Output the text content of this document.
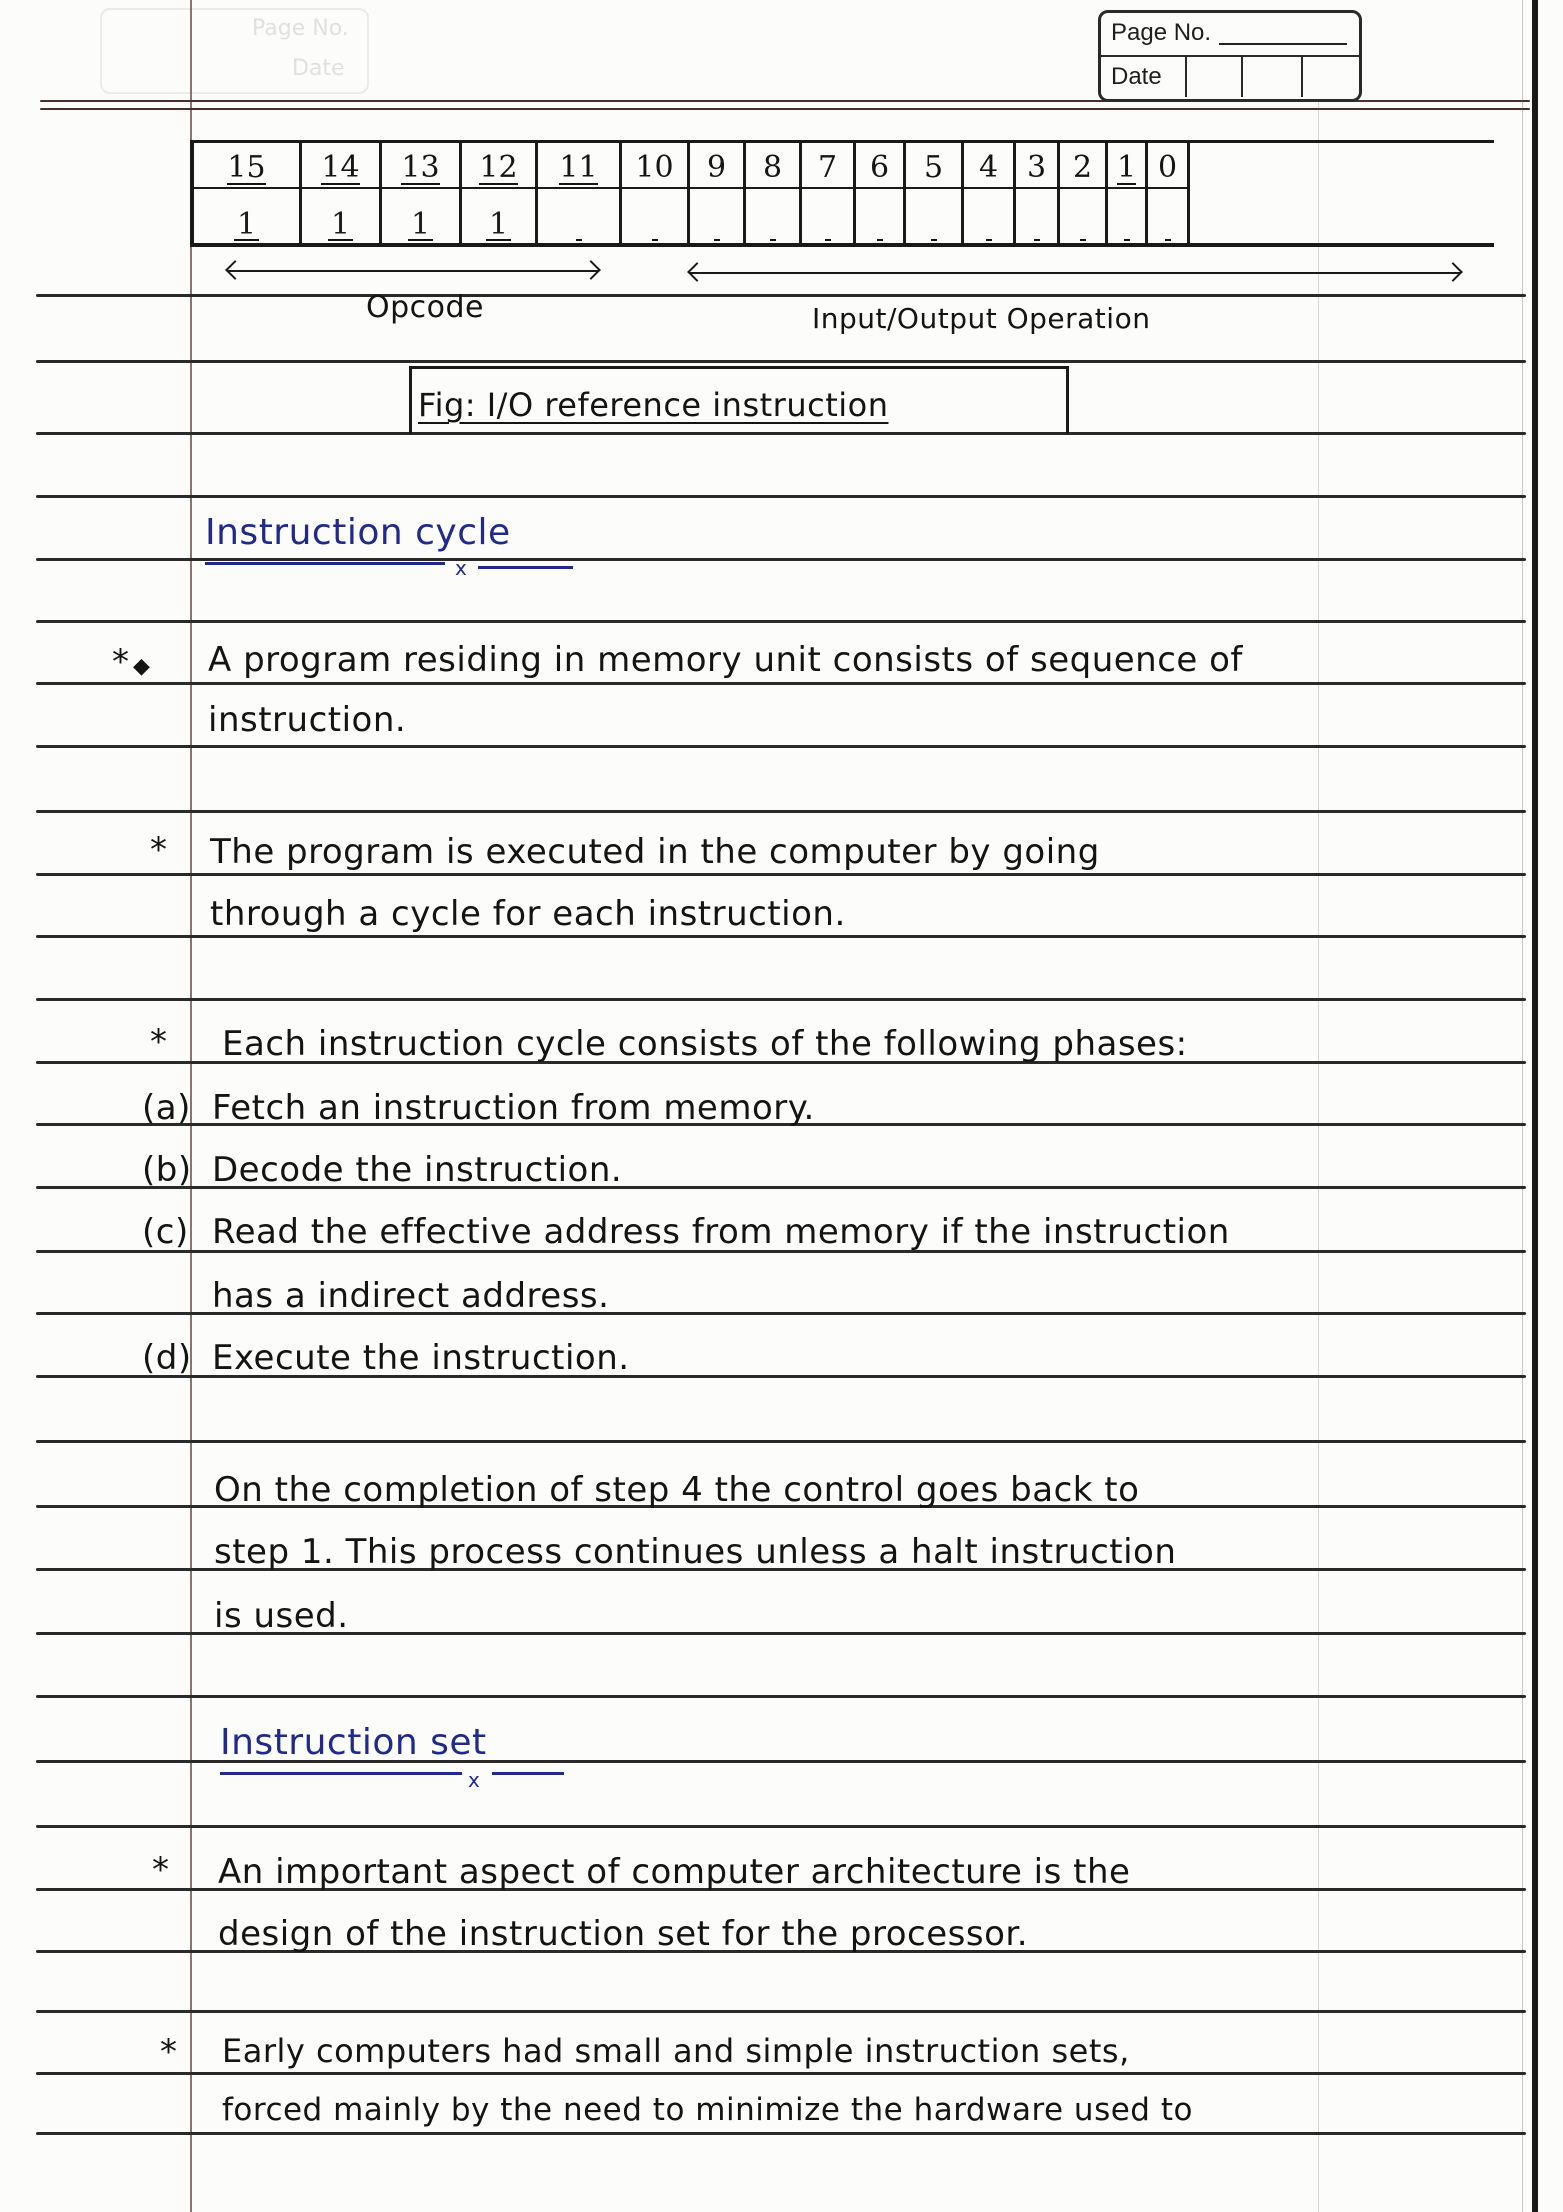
Page No.
Date
Page No.
Date
15
1
14
1
13
1
12
1
11 10 9 8 7 6 5 4 3 2 1 0
Opcode	Input/Output Operation
Fig: I/O reference instruction
Instruction cycle
x
* ◆ A program residing in memory unit consists of sequence of
instruction.
* The program is executed in the computer by going
through a cycle for each instruction.
* Each instruction cycle consists of the following phases:
(a) Fetch an instruction from memory.
(b) Decode the instruction.
(c) Read the effective address from memory if the instruction
has a indirect address.
(d) Execute the instruction.
On the completion of step 4 the control goes back to
step 1. This process continues unless a halt instruction
is used.
Instruction set
x
* An important aspect of computer architecture is the
design of the instruction set for the processor.
* Early computers had small and simple instruction sets,
forced mainly by the need to minimize the hardware used to
